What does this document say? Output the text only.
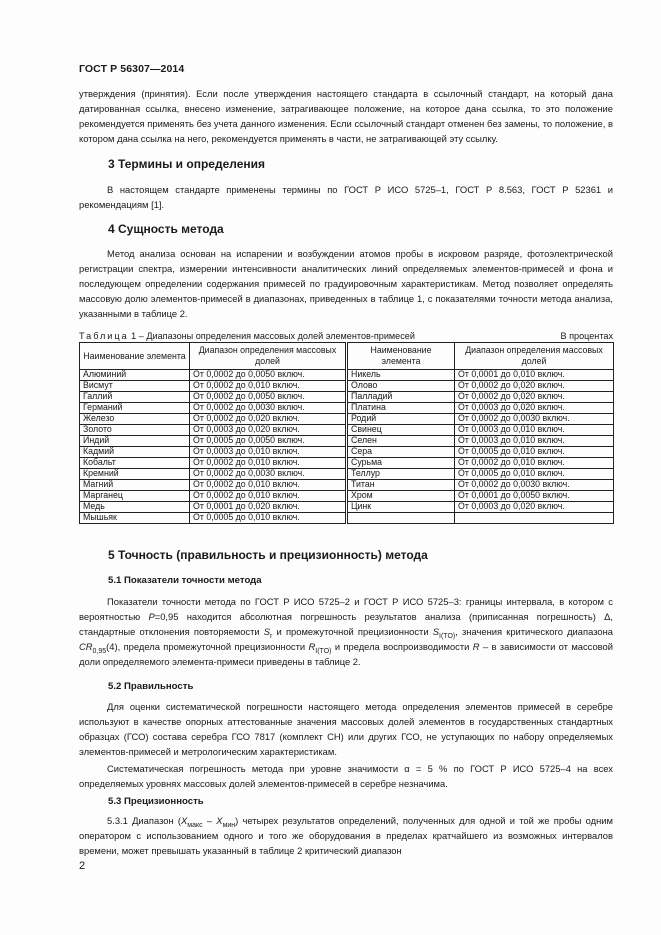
ГОСТ Р 56307—2014
утверждения (принятия). Если после утверждения настоящего стандарта в ссылочный стандарт, на который дана датированная ссылка, внесено изменение, затрагивающее положение, на которое дана ссылка, то это положение рекомендуется применять без учета данного изменения. Если ссылочный стандарт отменен без замены, то положение, в котором дана ссылка на него, рекомендуется применять в части, не затрагивающей эту ссылку.
3 Термины и определения
В настоящем стандарте применены термины по ГОСТ Р ИСО 5725–1, ГОСТ Р 8.563, ГОСТ Р 52361 и рекомендациям [1].
4 Сущность метода
Метод анализа основан на испарении и возбуждении атомов пробы в искровом разряде, фотоэлектрической регистрации спектра, измерении интенсивности аналитических линий определяемых элементов-примесей и фона и последующем определении содержания примесей по градуировочным характеристикам. Метод позволяет определять массовую долю элементов-примесей в диапазонах, приведенных в таблице 1, с показателями точности метода анализа, указанными в таблице 2.
Таблица 1 – Диапазоны определения массовых долей элементов-примесей	В процентах
Наименование элемента	Диапазон определения массовых долей	Наименование элемента	Диапазон определения массовых долей
Алюминий	От 0,0002 до 0,0050 включ.	Никель	От 0,0001 до 0,010 включ.
Висмут	От 0,0002 до 0,010 включ.	Олово	От 0,0002 до 0,020 включ.
Галлий	От 0,0002 до 0,0050 включ.	Палладий	От 0,0002 до 0,020 включ.
Германий	От 0,0002 до 0,0030 включ.	Платина	От 0,0003 до 0,020 включ.
Железо	От 0,0002 до 0,020 включ.	Родий	От 0,0002 до 0,0030 включ.
Золото	От 0,0003 до 0,020 включ.	Свинец	От 0,0003 до 0,010 включ.
Индий	От 0,0005 до 0,0050 включ.	Селен	От 0,0003 до 0,010 включ.
Кадмий	От 0,0003 до 0,010 включ.	Сера	От 0,0005 до 0,010 включ.
Кобальт	От 0,0002 до 0,010 включ.	Сурьма	От 0,0002 до 0,010 включ.
Кремний	От 0,0002 до 0,0030 включ.	Теллур	От 0,0005 до 0,010 включ.
Магний	От 0,0002 до 0,010 включ.	Титан	От 0,0002 до 0,0030 включ.
Марганец	От 0,0002 до 0,010 включ.	Хром	От 0,0001 до 0,0050 включ.
Медь	От 0,0001 до 0,020 включ.	Цинк	От 0,0003 до 0,020 включ.
Мышьяк	От 0,0005 до 0,010 включ.		
5 Точность (правильность и прецизионность) метода
5.1 Показатели точности метода
Показатели точности метода по ГОСТ Р ИСО 5725–2 и ГОСТ Р ИСО 5725–3: границы интервала, в котором с вероятностью P=0,95 находится абсолютная погрешность результатов анализа (приписанная погрешность) Δ, стандартные отклонения повторяемости $S_r$ и промежуточной прецизионности $S_{I(TO)}$, значения критического диапазона $CR_{0,95}(4)$, предела промежуточной прецизионности $R_{I(TO)}$ и предела воспроизводимости R – в зависимости от массовой доли определяемого элемента-примеси приведены в таблице 2.
5.2 Правильность
Для оценки систематической погрешности настоящего метода определения элементов примесей в серебре используют в качестве опорных аттестованные значения массовых долей элементов в государственных стандартных образцах (ГСО) состава серебра ГСО 7817 (комплект СН) или других ГСО, не уступающих по набору определяемых элементов-примесей и метрологическим характеристикам.
Систематическая погрешность метода при уровне значимости α = 5 % по ГОСТ Р ИСО 5725–4 на всех определяемых уровнях массовых долей элементов-примесей в серебре незначима.
5.3 Прецизионность
5.3.1 Диапазон $(X_{макс} - X_{мин})$ четырех результатов определений, полученных для одной и той же пробы одним оператором с использованием одного и того же оборудования в пределах кратчайшего из возможных интервалов времени, может превышать указанный в таблице 2 критический диапазон
2
